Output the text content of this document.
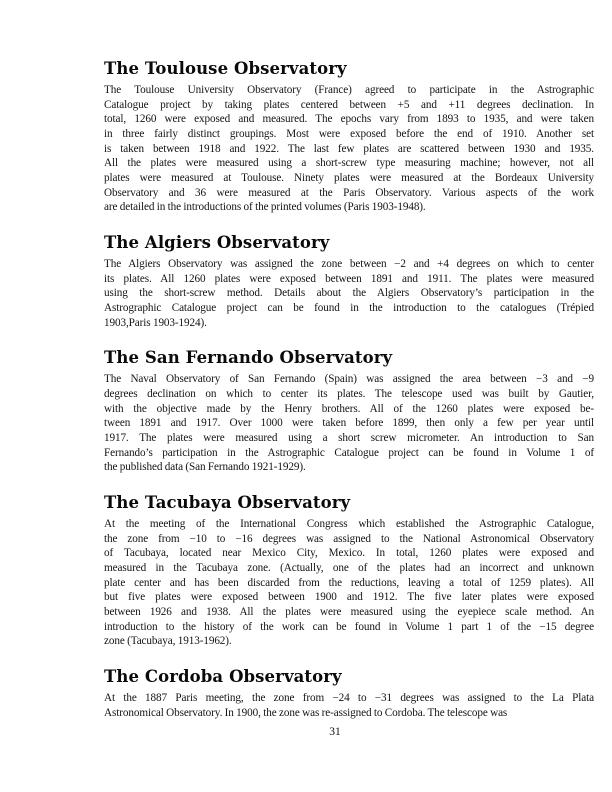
The Toulouse Observatory
The Toulouse University Observatory (France) agreed to participate in the Astrographic
Catalogue project by taking plates centered between +5 and +11 degrees declination. In
total, 1260 were exposed and measured. The epochs vary from 1893 to 1935, and were taken
in three fairly distinct groupings. Most were exposed before the end of 1910. Another set
is taken between 1918 and 1922. The last few plates are scattered between 1930 and 1935.
All the plates were measured using a short-screw type measuring machine; however, not all
plates were measured at Toulouse. Ninety plates were measured at the Bordeaux University
Observatory and 36 were measured at the Paris Observatory. Various aspects of the work
are detailed in the introductions of the printed volumes (Paris 1903-1948).
The Algiers Observatory
The Algiers Observatory was assigned the zone between −2 and +4 degrees on which to center
its plates. All 1260 plates were exposed between 1891 and 1911. The plates were measured
using the short-screw method. Details about the Algiers Observatory’s participation in the
Astrographic Catalogue project can be found in the introduction to the catalogues (Trépied
1903,Paris 1903-1924).
The San Fernando Observatory
The Naval Observatory of San Fernando (Spain) was assigned the area between −3 and −9
degrees declination on which to center its plates. The telescope used was built by Gautier,
with the objective made by the Henry brothers. All of the 1260 plates were exposed be-
tween 1891 and 1917. Over 1000 were taken before 1899, then only a few per year until
1917. The plates were measured using a short screw micrometer. An introduction to San
Fernando’s participation in the Astrographic Catalogue project can be found in Volume 1 of
the published data (San Fernando 1921-1929).
The Tacubaya Observatory
At the meeting of the International Congress which established the Astrographic Catalogue,
the zone from −10 to −16 degrees was assigned to the National Astronomical Observatory
of Tacubaya, located near Mexico City, Mexico. In total, 1260 plates were exposed and
measured in the Tacubaya zone. (Actually, one of the plates had an incorrect and unknown
plate center and has been discarded from the reductions, leaving a total of 1259 plates). All
but five plates were exposed between 1900 and 1912. The five later plates were exposed
between 1926 and 1938. All the plates were measured using the eyepiece scale method. An
introduction to the history of the work can be found in Volume 1 part 1 of the −15 degree
zone (Tacubaya, 1913-1962).
The Cordoba Observatory
At the 1887 Paris meeting, the zone from −24 to −31 degrees was assigned to the La Plata
Astronomical Observatory. In 1900, the zone was re-assigned to Cordoba. The telescope was
31
